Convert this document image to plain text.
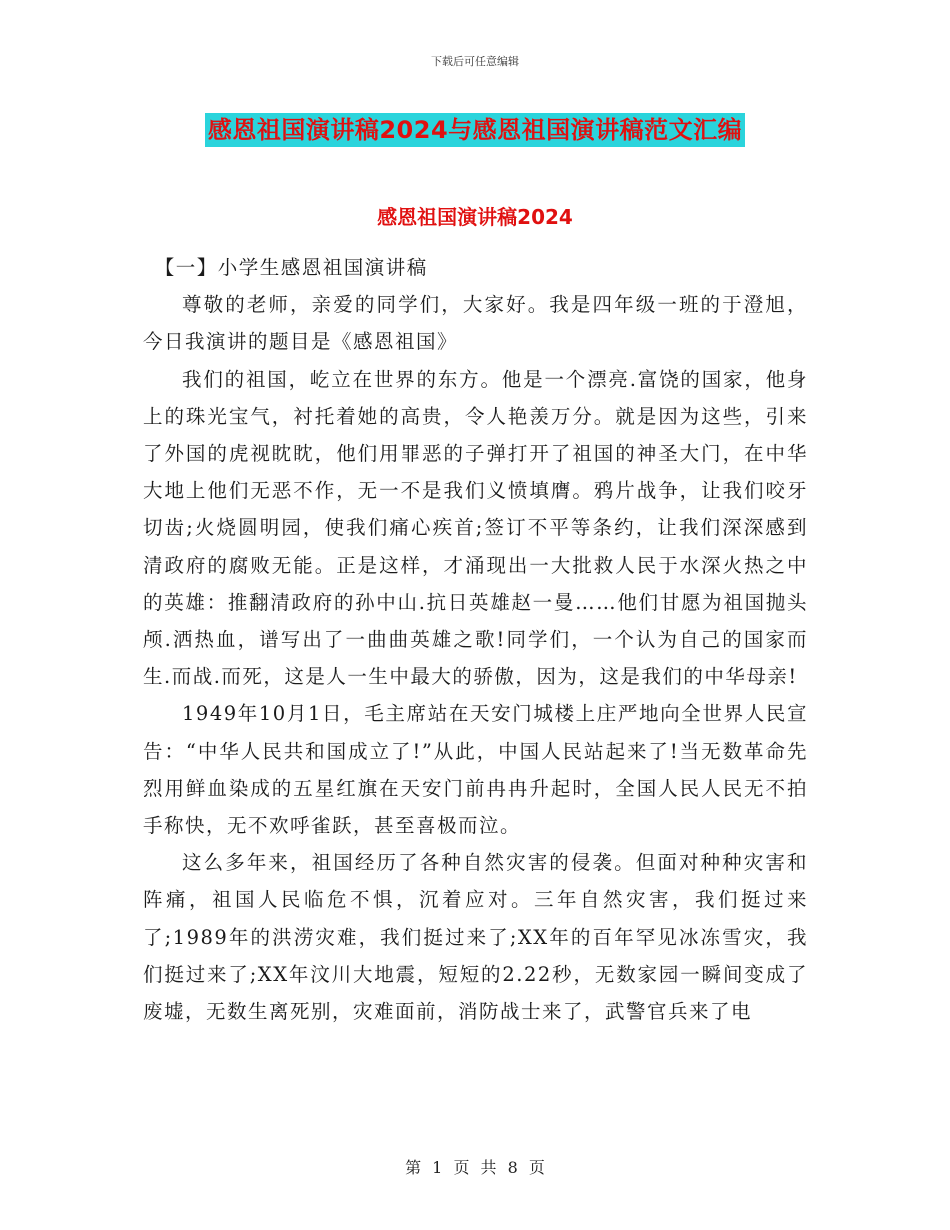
下载后可任意编辑
感恩祖国演讲稿2024与感恩祖国演讲稿范文汇编
感恩祖国演讲稿2024

【一】小学生感恩祖国演讲稿

尊敬的老师，亲爱的同学们，大家好。我是四年级一班的于澄旭，今日我演讲的题目是《感恩祖国》

我们的祖国，屹立在世界的东方。他是一个漂亮.富饶的国家，他身上的珠光宝气，衬托着她的高贵，令人艳羡万分。就是因为这些，引来了外国的虎视眈眈，他们用罪恶的子弹打开了祖国的神圣大门，在中华大地上他们无恶不作，无一不是我们义愤填膺。鸦片战争，让我们咬牙切齿;火烧圆明园，使我们痛心疾首;签订不平等条约，让我们深深感到清政府的腐败无能。正是这样，才涌现出一大批救人民于水深火热之中的英雄：推翻清政府的孙中山.抗日英雄赵一曼……他们甘愿为祖国抛头颅.洒热血，谱写出了一曲曲英雄之歌!同学们，一个认为自己的国家而生.而战.而死，这是人一生中最大的骄傲，因为，这是我们的中华母亲!

1949年10月1日，毛主席站在天安门城楼上庄严地向全世界人民宣告：“中华人民共和国成立了!”从此，中国人民站起来了!当无数革命先烈用鲜血染成的五星红旗在天安门前冉冉升起时，全国人民人民无不拍手称快，无不欢呼雀跃，甚至喜极而泣。

这么多年来，祖国经历了各种自然灾害的侵袭。但面对种种灾害和阵痛，祖国人民临危不惧，沉着应对。三年自然灾害，我们挺过来了;1989年的洪涝灾难，我们挺过来了;XX年的百年罕见冰冻雪灾，我们挺过来了;XX年汶川大地震，短短的2.22秒，无数家园一瞬间变成了废墟，无数生离死别，灾难面前，消防战士来了，武警官兵来了电

第 1 页 共 8 页
